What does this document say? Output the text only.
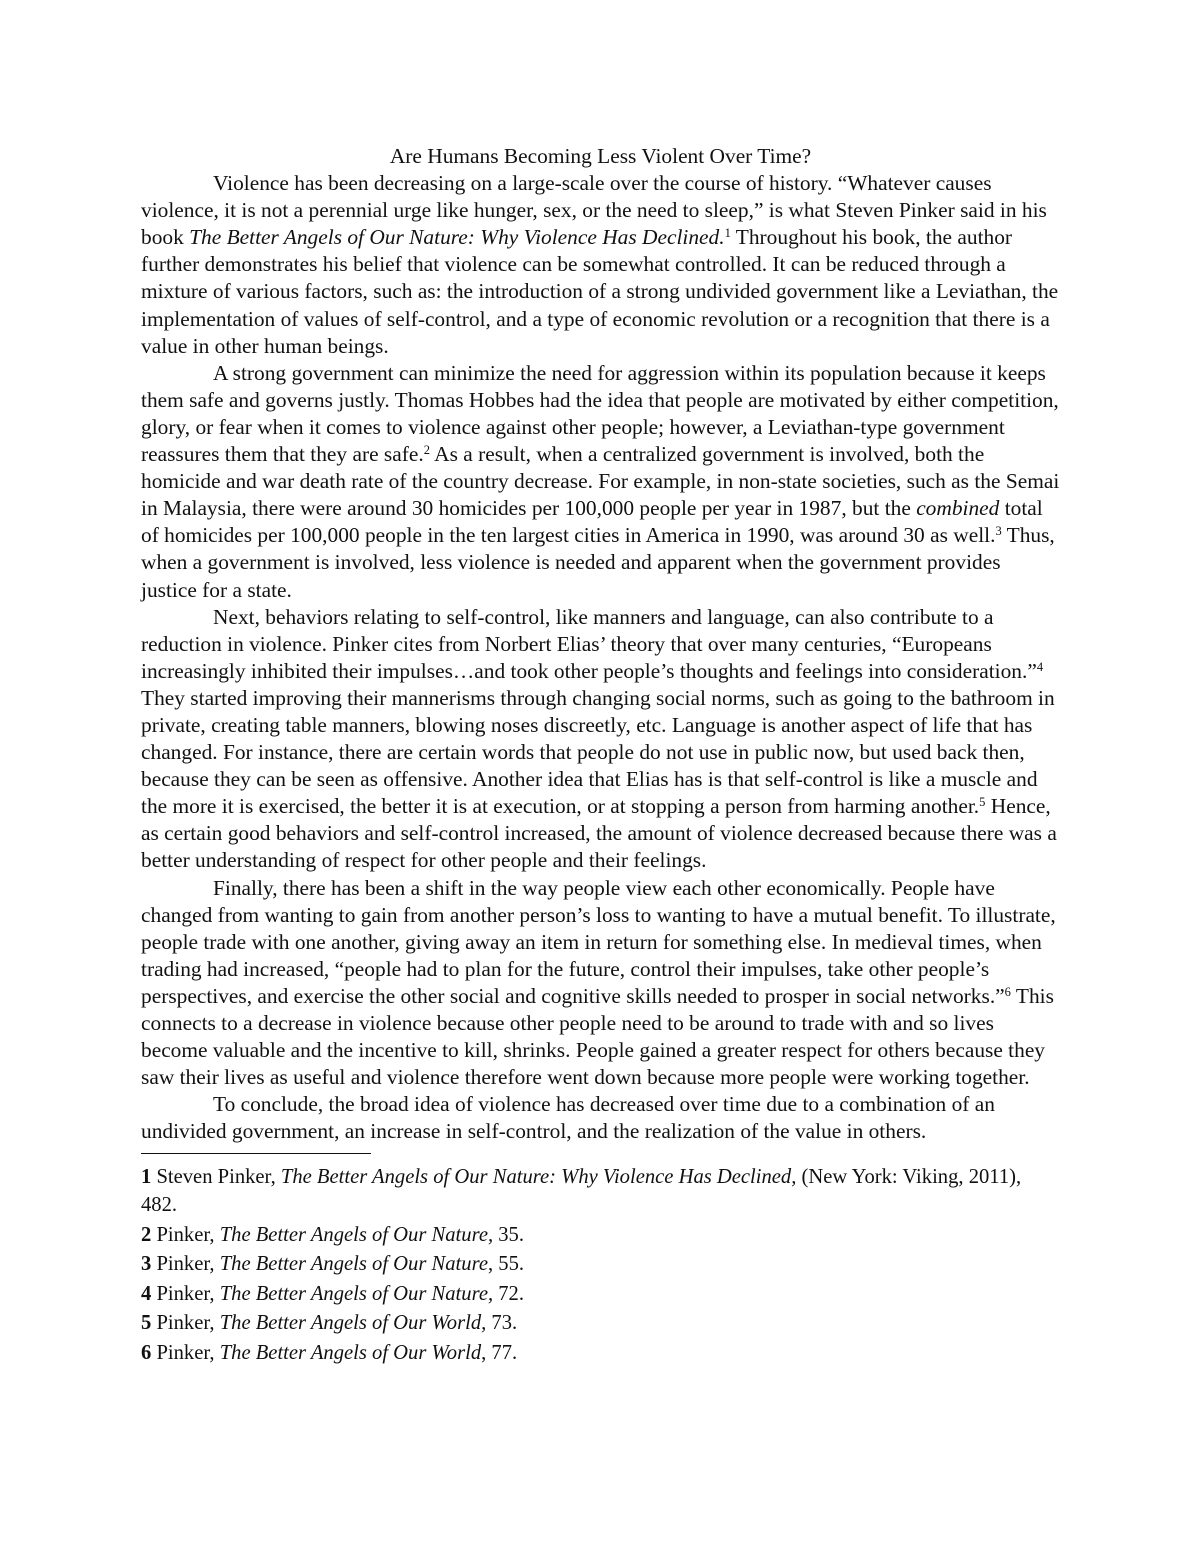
Are Humans Becoming Less Violent Over Time?

Violence has been decreasing on a large-scale over the course of history. “Whatever causes violence, it is not a perennial urge like hunger, sex, or the need to sleep,” is what Steven Pinker said in his book The Better Angels of Our Nature: Why Violence Has Declined.$^1$ Throughout his book, the author further demonstrates his belief that violence can be somewhat controlled. It can be reduced through a mixture of various factors, such as: the introduction of a strong undivided government like a Leviathan, the implementation of values of self-control, and a type of economic revolution or a recognition that there is a value in other human beings.

A strong government can minimize the need for aggression within its population because it keeps them safe and governs justly. Thomas Hobbes had the idea that people are motivated by either competition, glory, or fear when it comes to violence against other people; however, a Leviathan-type government reassures them that they are safe.$^2$ As a result, when a centralized government is involved, both the homicide and war death rate of the country decrease. For example, in non-state societies, such as the Semai in Malaysia, there were around 30 homicides per 100,000 people per year in 1987, but the combined total of homicides per 100,000 people in the ten largest cities in America in 1990, was around 30 as well.$^3$ Thus, when a government is involved, less violence is needed and apparent when the government provides justice for a state.

Next, behaviors relating to self-control, like manners and language, can also contribute to a reduction in violence. Pinker cites from Norbert Elias’ theory that over many centuries, “Europeans increasingly inhibited their impulses…and took other people’s thoughts and feelings into consideration.”$^4$ They started improving their mannerisms through changing social norms, such as going to the bathroom in private, creating table manners, blowing noses discreetly, etc. Language is another aspect of life that has changed. For instance, there are certain words that people do not use in public now, but used back then, because they can be seen as offensive. Another idea that Elias has is that self-control is like a muscle and the more it is exercised, the better it is at execution, or at stopping a person from harming another.$^5$ Hence, as certain good behaviors and self-control increased, the amount of violence decreased because there was a better understanding of respect for other people and their feelings.

Finally, there has been a shift in the way people view each other economically. People have changed from wanting to gain from another person’s loss to wanting to have a mutual benefit. To illustrate, people trade with one another, giving away an item in return for something else. In medieval times, when trading had increased, “people had to plan for the future, control their impulses, take other people’s perspectives, and exercise the other social and cognitive skills needed to prosper in social networks.”$^6$ This connects to a decrease in violence because other people need to be around to trade with and so lives become valuable and the incentive to kill, shrinks. People gained a greater respect for others because they saw their lives as useful and violence therefore went down because more people were working together.

To conclude, the broad idea of violence has decreased over time due to a combination of an undivided government, an increase in self-control, and the realization of the value in others.

1 Steven Pinker, The Better Angels of Our Nature: Why Violence Has Declined, (New York: Viking, 2011), 482.
2 Pinker, The Better Angels of Our Nature, 35.
3 Pinker, The Better Angels of Our Nature, 55.
4 Pinker, The Better Angels of Our Nature, 72.
5 Pinker, The Better Angels of Our World, 73.
6 Pinker, The Better Angels of Our World, 77.
